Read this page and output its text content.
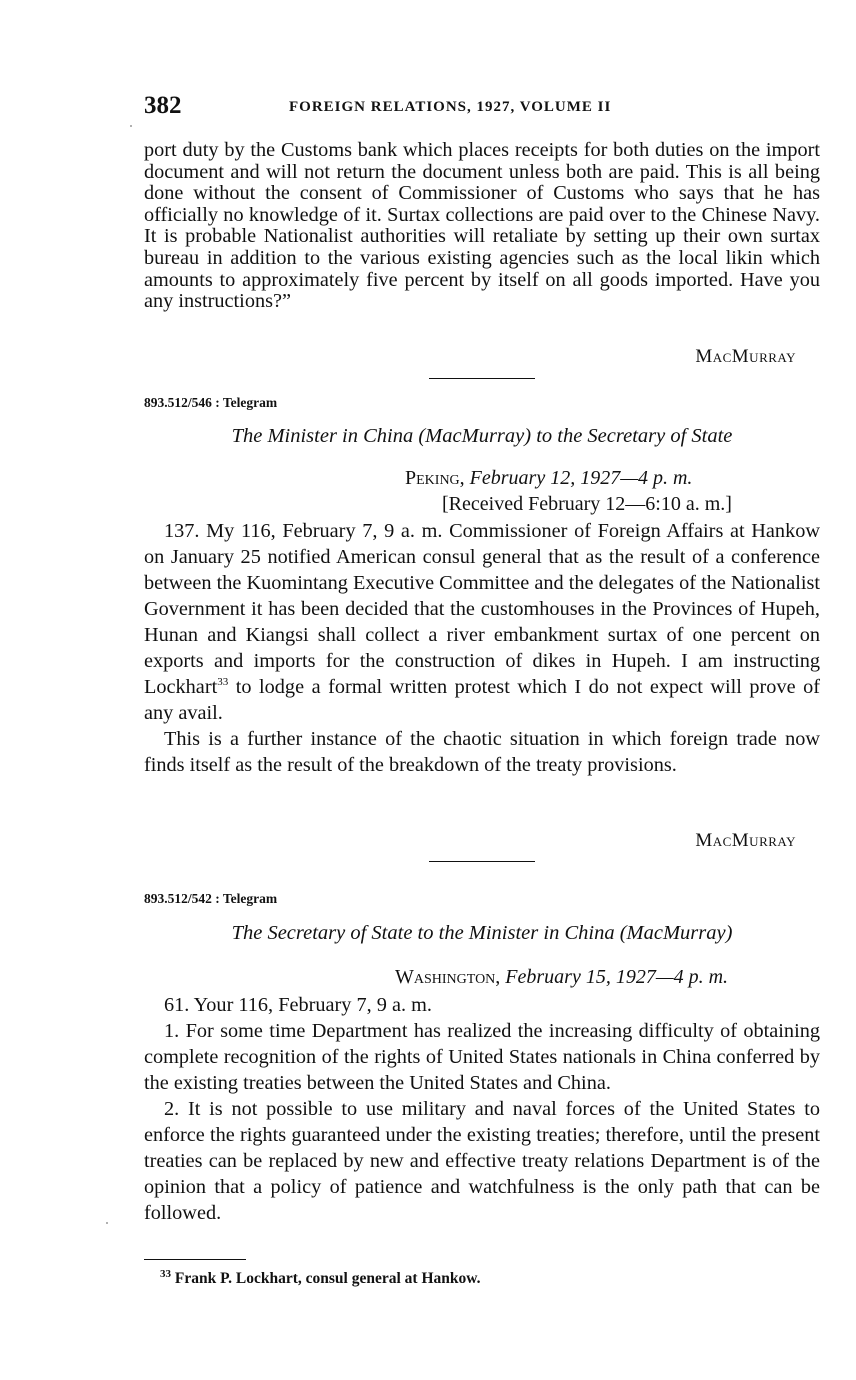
382	FOREIGN RELATIONS, 1927, VOLUME II

port duty by the Customs bank which places receipts for both duties on the import document and will not return the document unless both are paid. This is all being done without the consent of Commissioner of Customs who says that he has officially no knowledge of it. Surtax collections are paid over to the Chinese Navy. It is probable Nationalist authorities will retaliate by setting up their own surtax bureau in addition to the various existing agencies such as the local likin which amounts to approximately five percent by itself on all goods imported. Have you any instructions?”

MacMurray
893.512/546 : Telegram
The Minister in China (MacMurray) to the Secretary of State
Peking, February 12, 1927—4 p. m.
[Received February 12—6:10 a. m.]

137. My 116, February 7, 9 a. m. Commissioner of Foreign Affairs at Hankow on January 25 notified American consul general that as the result of a conference between the Kuomintang Executive Committee and the delegates of the Nationalist Government it has been decided that the customhouses in the Provinces of Hupeh, Hunan and Kiangsi shall collect a river embankment surtax of one percent on exports and imports for the construction of dikes in Hupeh. I am instructing Lockhart$^{33}$ to lodge a formal written protest which I do not expect will prove of any avail.

This is a further instance of the chaotic situation in which foreign trade now finds itself as the result of the breakdown of the treaty provisions.

MacMurray
893.512/542 : Telegram
The Secretary of State to the Minister in China (MacMurray)
Washington, February 15, 1927—4 p. m.

61. Your 116, February 7, 9 a. m.

1. For some time Department has realized the increasing difficulty of obtaining complete recognition of the rights of United States nationals in China conferred by the existing treaties between the United States and China.

2. It is not possible to use military and naval forces of the United States to enforce the rights guaranteed under the existing treaties; therefore, until the present treaties can be replaced by new and effective treaty relations Department is of the opinion that a policy of patience and watchfulness is the only path that can be followed.

$^{33}$ Frank P. Lockhart, consul general at Hankow.
